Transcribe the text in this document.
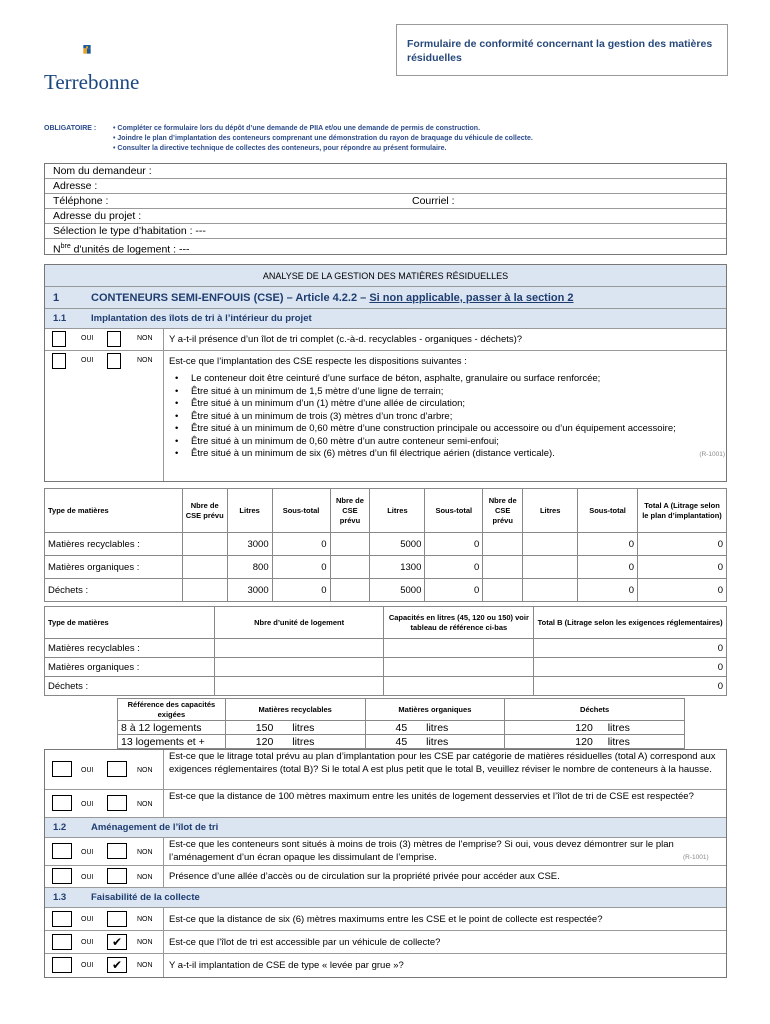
Terrebonne
Formulaire de conformité concernant la gestion des matières résiduelles
OBLIGATOIRE :	• Compléter ce formulaire lors du dépôt d’une demande de PIIA et/ou une demande de permis de construction.
• Joindre le plan d’implantation des conteneurs comprenant une démonstration du rayon de braquage du véhicule de collecte.
• Consulter la directive technique de collectes des conteneurs, pour répondre au présent formulaire.
Nom du demandeur :
Adresse :
Téléphone :	Courriel :
Adresse du projet :
Sélection le type d’habitation : ---
$N^{bre}$ d'unités de logement : ---
ANALYSE DE LA GESTION DES MATIÈRES RÉSIDUELLES
1	CONTENEURS SEMI-ENFOUIS (CSE) – Article 4.2.2 – Si non applicable, passer à la section 2
1.1	Implantation des îlots de tri à l’intérieur du projet
OUI	NON Y a-t-il présence d’un îlot de tri complet (c.-à-d. recyclables - organiques - déchets)?
OUI	NON Est-ce que l’implantation des CSE respecte les dispositions suivantes :
• Le conteneur doit être ceinturé d’une surface de béton, asphalte, granulaire ou surface renforcée;
• Être situé à un minimum de 1,5 mètre d’une ligne de terrain;
• Être situé à un minimum d’un (1) mètre d’une allée de circulation;
• Être situé à un minimum de trois (3) mètres d’un tronc d’arbre;
• Être situé à un minimum de 0,60 mètre d’une construction principale ou accessoire ou d’un équipement accessoire;
• Être situé à un minimum de 0,60 mètre d’un autre conteneur semi-enfoui;
• Être situé à un minimum de six (6) mètres d’un fil électrique aérien (distance verticale).	(R-1001)
Type de matières	Nbre de CSE prévu	Litres	Sous-total	Nbre de CSE prévu	Litres	Sous-total	Nbre de CSE prévu	Litres	Sous-total	Total A (Litrage selon le plan d’implantation)
Matières recyclables :		3000	0		5000	0			0	0
Matières organiques :		800	0		1300	0			0	0
Déchets :		3000	0		5000	0			0	0
Type de matières	Nbre d’unité de logement	Capacités en litres (45, 120 ou 150) voir tableau de référence ci-bas	Total B (Litrage selon les exigences réglementaires)
Matières recyclables :			0
Matières organiques :			0
Déchets :			0
Référence des capacités exigées	Matières recyclables	Matières organiques	Déchets
8 à 12 logements	150 litres	45 litres	120 litres
13 logements et +	120 litres	45 litres	120 litres
OUI	NON
Est-ce que le litrage total prévu au plan d’implantation pour les CSE par catégorie de matières résiduelles (total A) correspond aux exigences réglementaires (total B)? Si le total A est plus petit que le total B, veuillez réviser le nombre de conteneurs à la hausse.
OUI	NON
Est-ce que la distance de 100 mètres maximum entre les unités de logement desservies et l’îlot de tri de CSE est respectée?
1.2	Aménagement de l’îlot de tri
OUI	NON
Est-ce que les conteneurs sont situés à moins de trois (3) mètres de l’emprise? Si oui, vous devez démontrer sur le plan l’aménagement d’un écran opaque les dissimulant de l’emprise.	(R-1001)
OUI	NON Présence d’une allée d’accès ou de circulation sur la propriété privée pour accéder aux CSE.
1.3	Faisabilité de la collecte
OUI	NON Est-ce que la distance de six (6) mètres maximums entre les CSE et le point de collecte est respectée?
OUI	✔	NON Est-ce que l’îlot de tri est accessible par un véhicule de collecte?
OUI	✔	NON Y a-t-il implantation de CSE de type « levée par grue »?
